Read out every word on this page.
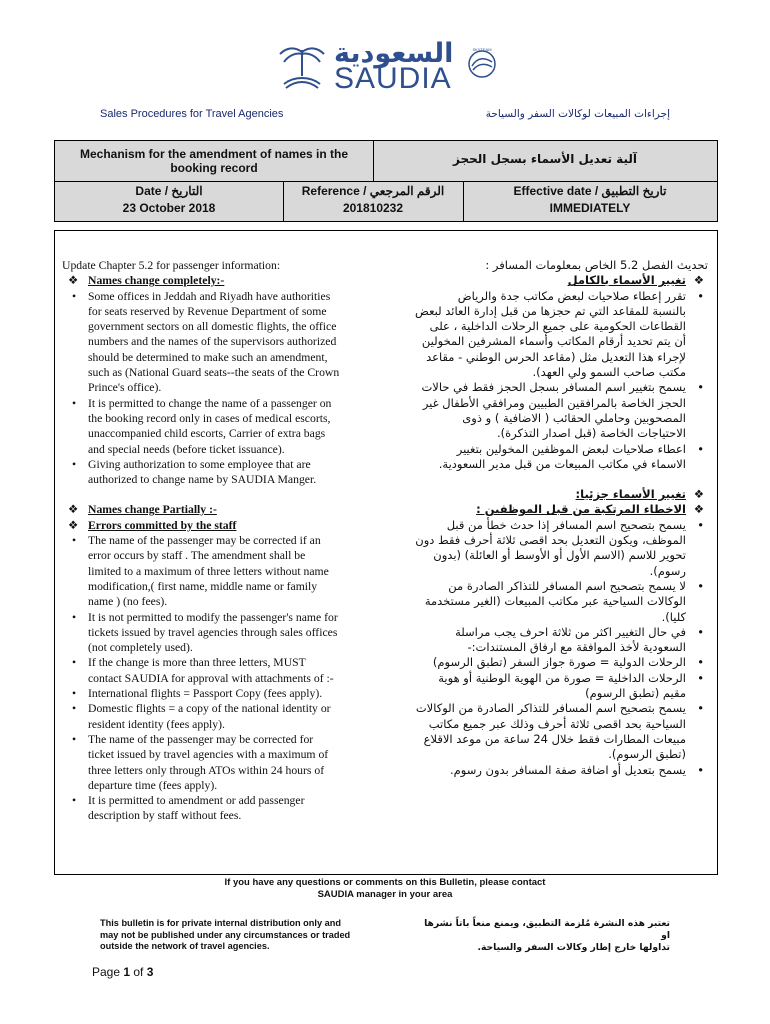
السعودية
SAUDIA
SKYTEAM
Sales Procedures for Travel Agencies	إجراءات المبيعات لوكالات السفر والسياحة
Mechanism for the amendment of names in the booking record
آلية تعديل الأسماء بسجل الحجز
Date / التاريخ
23 October 2018
Reference / الرقم المرجعي
201810232
Effective date / تاريخ التطبيق
IMMEDIATELY
Update Chapter 5.2 for passenger information:
❖ Names change completely:-
• Some offices in Jeddah and Riyadh have authorities
for seats reserved by Revenue Department of some
government sectors on all domestic flights, the office
numbers and the names of the supervisors authorized
should be determined to make such an amendment,
such as (National Guard seats--the seats of the Crown
Prince's office).
• It is permitted to change the name of a passenger on
the booking record only in cases of medical escorts,
unaccompanied child escorts, Carrier of extra bags
and special needs (before ticket issuance).
• Giving authorization to some employee that are
authorized to change name by SAUDIA Manger.
❖ Names change Partially :-
❖ Errors committed by the staff
• The name of the passenger may be corrected if an
error occurs by staff . The amendment shall be
limited to a maximum of three letters without name
modification,( first name, middle name or family
name ) (no fees).
• It is not permitted to modify the passenger's name for
tickets issued by travel agencies through sales offices
(not completely used).
• If the change is more than three letters, MUST
contact SAUDIA for approval with attachments of :-
• International flights = Passport Copy (fees apply).
• Domestic flights = a copy of the national identity or
resident identity (fees apply).
• The name of the passenger may be corrected for
ticket issued by travel agencies with a maximum of
three letters only through ATOs within 24 hours of
departure time (fees apply).
• It is permitted to amendment or add passenger
description by staff without fees.
تحديث الفصل 5.2 الخاص بمعلومات المسافر :
❖
تغيير الأسماء بالكامل
•
تقرر إعطاء صلاحيات لبعض مكاتب جدة والرياض
بالنسبة للمقاعد التي تم حجزها من قبل إدارة العائد لبعض
القطاعات الحكومية على جميع الرحلات الداخلية ، على
أن يتم تحديد أرقام المكاتب وأسماء المشرفين المخولين
لإجراء هذا التعديل مثل (مقاعد الحرس الوطني - مقاعد
مكتب صاحب السمو ولي العهد).
•
يسمح بتغيير اسم المسافر بسجل الحجز فقط في حالات
الحجز الخاصة بالمرافقين الطبيين ومرافقي الأطفال غير
المصحوبين وحاملي الحقائب ( الاضافية ) و ذوى
الاحتياجات الخاصة (قبل اصدار التذكرة).
•
اعطاء صلاحيات لبعض الموظفين المخولين بتغيير
الاسماء في مكاتب المبيعات من قبل مدير السعودية.
❖
تغيير الأسماء جزئيا:
❖
الاخطاء المرتكبة من قبل الموظفين :
•
يسمح بتصحيح اسم المسافر إذا حدث خطأ من قبل
الموظف، ويكون التعديل بحد اقصى ثلاثة أحرف فقط دون
تحوير للاسم (الاسم الأول أو الأوسط أو العائلة) (بدون
رسوم).
•
لا يسمح بتصحيح اسم المسافر للتذاكر الصادرة من
الوكالات السياحية عبر مكاتب المبيعات (الغير مستخدمة
كليا).
•
في حال التغيير اكثر من ثلاثة احرف يجب مراسلة
السعودية لأخذ الموافقة مع ارفاق المستندات:-
•
الرحلات الدولية = صورة جواز السفر (تطبق الرسوم)
•
الرحلات الداخلية = صورة من الهوية الوطنية أو هوية
مقيم (تطبق الرسوم)
•
يسمح بتصحيح اسم المسافر للتذاكر الصادرة من الوكالات
السياحية بحد اقصى ثلاثة أحرف وذلك عبر جميع مكاتب
مبيعات المطارات فقط خلال 24 ساعة من موعد الاقلاع
(تطبق الرسوم).
•
يسمح بتعديل أو اضافة صفة المسافر بدون رسوم.
If you have any questions or comments on this Bulletin, please contact
SAUDIA manager in your area
This bulletin is for private internal distribution only and
may not be published under any circumstances or traded
outside the network of travel agencies.
تعتبر هذه النشرة مُلزمة التطبيق، ويمنع منعاً باتاً نشرها او
تداولها خارج إطار وكالات السفر والسياحة.
Page 1 of 3
